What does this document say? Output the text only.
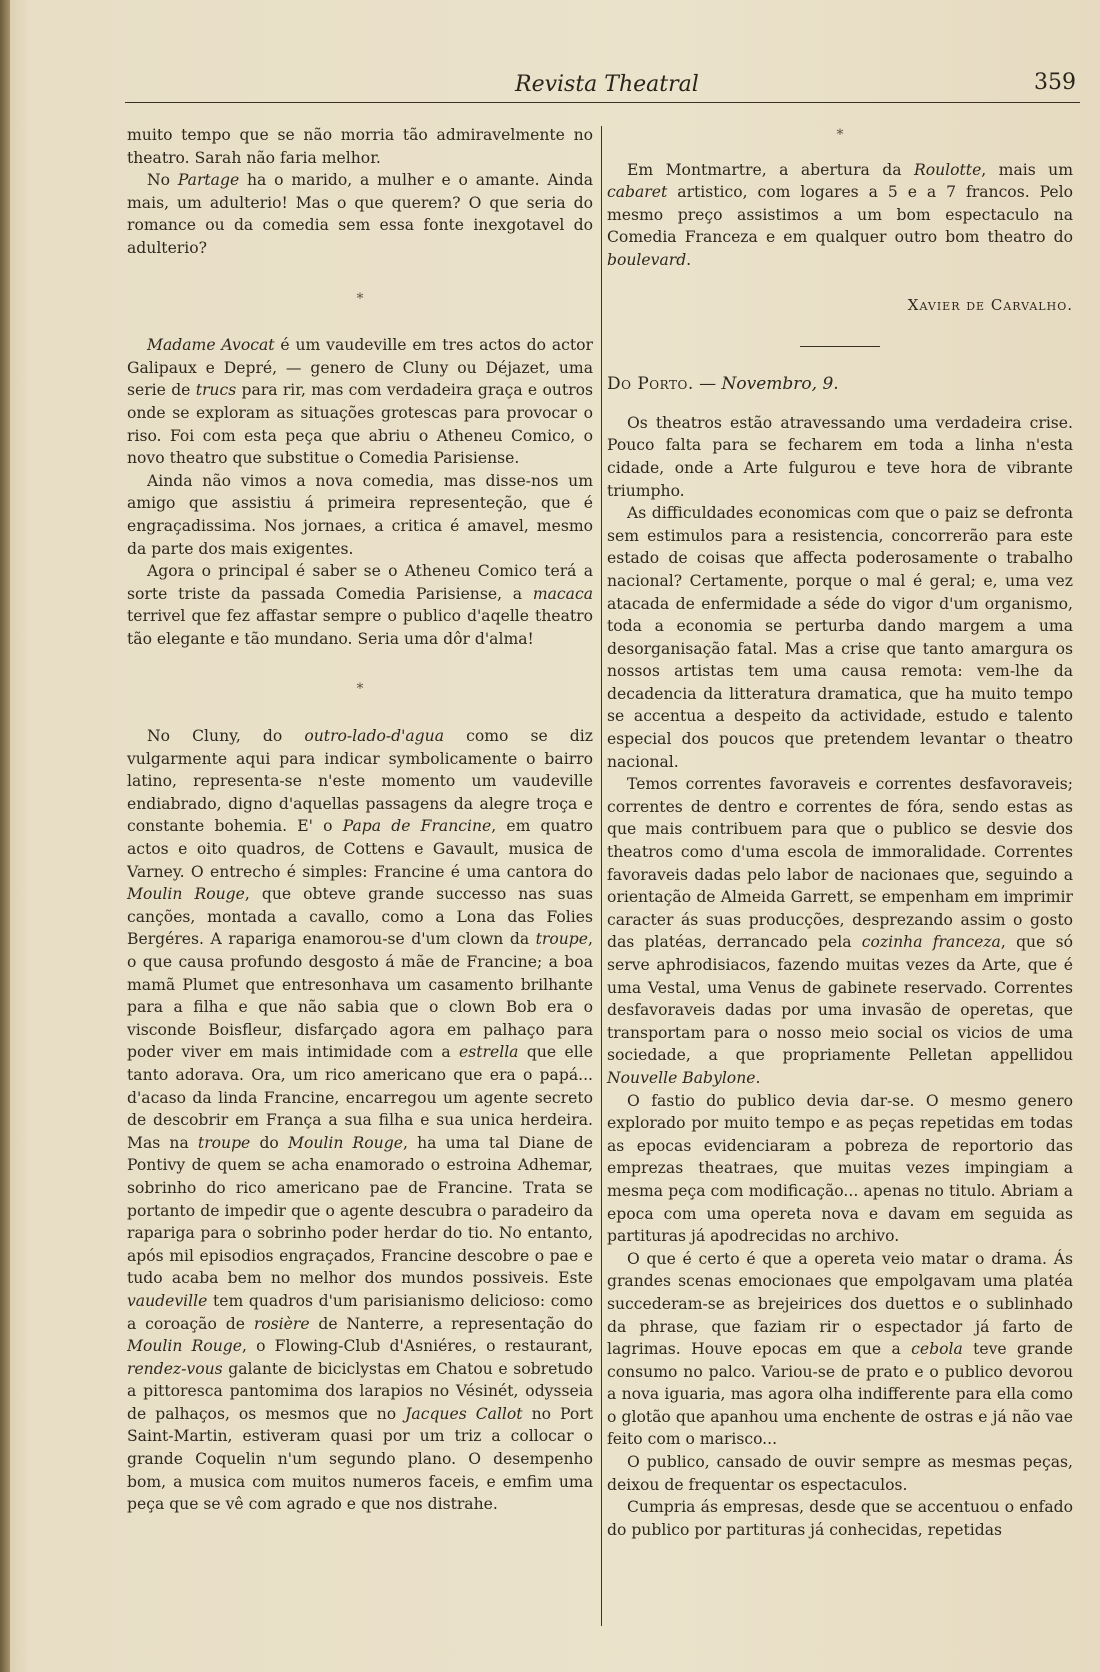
Revista Theatral	359

muito tempo que se não morria tão admiravelmente no theatro. Sarah não faria melhor.

No Partage ha o marido, a mulher e o amante. Ainda mais, um adulterio! Mas o que querem? O que seria do romance ou da comedia sem essa fonte inexgotavel do adulterio?

*

Madame Avocat é um vaudeville em tres actos do actor Galipaux e Depré, — genero de Cluny ou Déjazet, uma serie de trucs para rir, mas com verdadeira graça e outros onde se exploram as situações grotescas para provocar o riso. Foi com esta peça que abriu o Atheneu Comico, o novo theatro que substitue o Comedia Parisiense.

Ainda não vimos a nova comedia, mas disse-nos um amigo que assistiu á primeira representeção, que é engraçadissima. Nos jornaes, a critica é amavel, mesmo da parte dos mais exigentes.

Agora o principal é saber se o Atheneu Comico terá a sorte triste da passada Comedia Parisiense, a macaca terrivel que fez affastar sempre o publico d'aqelle theatro tão elegante e tão mundano. Seria uma dôr d'alma!

*

No Cluny, do outro-lado-d'agua como se diz vulgarmente aqui para indicar symbolicamente o bairro latino, representa-se n'este momento um vaudeville endiabrado, digno d'aquellas passagens da alegre troça e constante bohemia. E' o Papa de Francine, em quatro actos e oito quadros, de Cottens e Gavault, musica de Varney. O entrecho é simples: Francine é uma cantora do Moulin Rouge, que obteve grande successo nas suas canções, montada a cavallo, como a Lona das Folies Bergéres. A rapariga enamorou-se d'um clown da troupe, o que causa profundo desgosto á mãe de Francine; a boa mamã Plumet que entresonhava um casamento brilhante para a filha e que não sabia que o clown Bob era o visconde Boisfleur, disfarçado agora em palhaço para poder viver em mais intimidade com a estrella que elle tanto adorava. Ora, um rico americano que era o papá... d'acaso da linda Francine, encarregou um agente secreto de descobrir em França a sua filha e sua unica herdeira. Mas na troupe do Moulin Rouge, ha uma tal Diane de Pontivy de quem se acha enamorado o estroina Adhemar, sobrinho do rico americano pae de Francine. Trata se portanto de impedir que o agente descubra o paradeiro da rapariga para o sobrinho poder herdar do tio. No entanto, após mil episodios engraçados, Francine descobre o pae e tudo acaba bem no melhor dos mundos possiveis. Este vaudeville tem quadros d'um parisianismo delicioso: como a coroação de rosière de Nanterre, a representação do Moulin Rouge, o Flowing-Club d'Asniéres, o restaurant, rendez-vous galante de biciclystas em Chatou e sobretudo a pittoresca pantomima dos larapios no Vésinét, odysseia de palhaços, os mesmos que no Jacques Callot no Port Saint-Martin, estiveram quasi por um triz a collocar o grande Coquelin n'um segundo plano. O desempenho bom, a musica com muitos numeros faceis, e emfim uma peça que se vê com agrado e que nos distrahe.

*

Em Montmartre, a abertura da Roulotte, mais um cabaret artistico, com logares a 5 e a 7 francos. Pelo mesmo preço assistimos a um bom espectaculo na Comedia Franceza e em qualquer outro bom theatro do boulevard.

Xavier de Carvalho.

Do Porto. — Novembro, 9.

Os theatros estão atravessando uma verdadeira crise. Pouco falta para se fecharem em toda a linha n'esta cidade, onde a Arte fulgurou e teve hora de vibrante triumpho.

As difficuldades economicas com que o paiz se defronta sem estimulos para a resistencia, concorrerão para este estado de coisas que affecta poderosamente o trabalho nacional? Certamente, porque o mal é geral; e, uma vez atacada de enfermidade a séde do vigor d'um organismo, toda a economia se perturba dando margem a uma desorganisação fatal. Mas a crise que tanto amargura os nossos artistas tem uma causa remota: vem-lhe da decadencia da litteratura dramatica, que ha muito tempo se accentua a despeito da actividade, estudo e talento especial dos poucos que pretendem levantar o theatro nacional.

Temos correntes favoraveis e correntes desfavoraveis; correntes de dentro e correntes de fóra, sendo estas as que mais contribuem para que o publico se desvie dos theatros como d'uma escola de immoralidade. Correntes favoraveis dadas pelo labor de nacionaes que, seguindo a orientação de Almeida Garrett, se empenham em imprimir caracter ás suas producções, desprezando assim o gosto das platéas, derrancado pela cozinha franceza, que só serve aphrodisiacos, fazendo muitas vezes da Arte, que é uma Vestal, uma Venus de gabinete reservado. Correntes desfavoraveis dadas por uma invasão de operetas, que transportam para o nosso meio social os vicios de uma sociedade, a que propriamente Pelletan appellidou Nouvelle Babylone.

O fastio do publico devia dar-se. O mesmo genero explorado por muito tempo e as peças repetidas em todas as epocas evidenciaram a pobreza de reportorio das emprezas theatraes, que muitas vezes impingiam a mesma peça com modificação... apenas no titulo. Abriam a epoca com uma opereta nova e davam em seguida as partituras já apodrecidas no archivo.

O que é certo é que a opereta veio matar o drama. Ás grandes scenas emocionaes que empolgavam uma platéa succederam-se as brejeirices dos duettos e o sublinhado da phrase, que faziam rir o espectador já farto de lagrimas. Houve epocas em que a cebola teve grande consumo no palco. Variou-se de prato e o publico devorou a nova iguaria, mas agora olha indifferente para ella como o glotão que apanhou uma enchente de ostras e já não vae feito com o marisco...

O publico, cansado de ouvir sempre as mesmas peças, deixou de frequentar os espectaculos.

Cumpria ás empresas, desde que se accentuou o enfado do publico por partituras já conhecidas, repetidas
